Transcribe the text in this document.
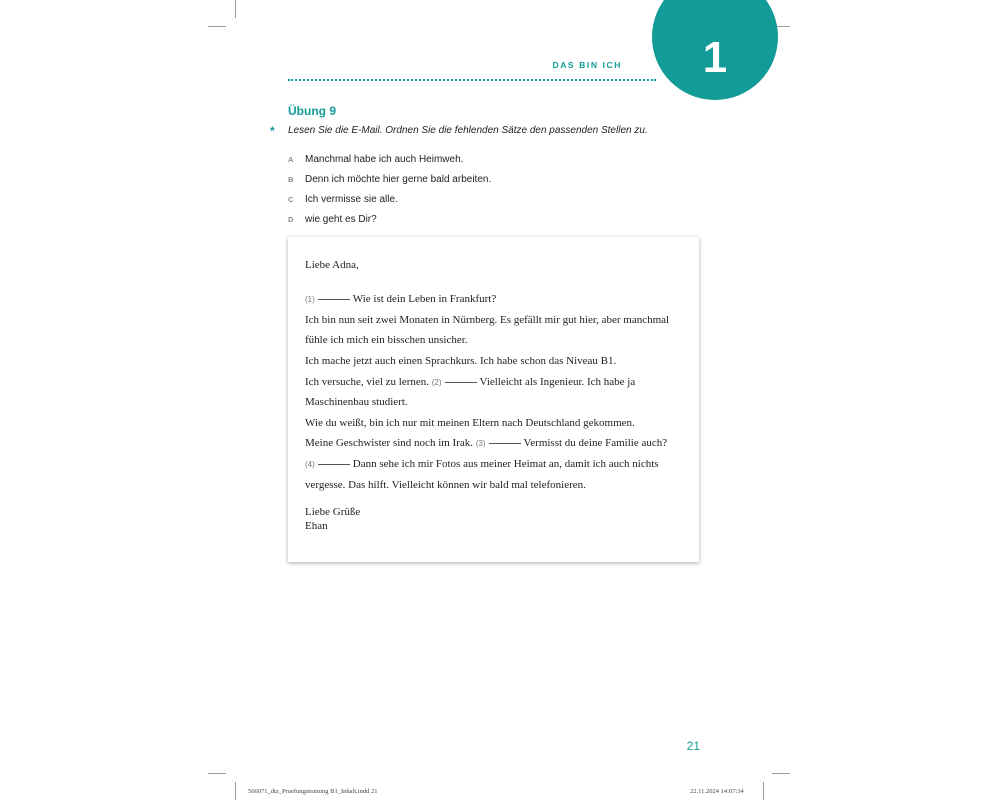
1
DAS BIN ICH
Übung 9
* Lesen Sie die E-Mail. Ordnen Sie die fehlenden Sätze den passenden Stellen zu.
A	Manchmal habe ich auch Heimweh.
B	Denn ich möchte hier gerne bald arbeiten.
C	Ich vermisse sie alle.
D	wie geht es Dir?
Liebe Adna,
(1)	Wie ist dein Leben in Frankfurt?
Ich bin nun seit zwei Monaten in Nürnberg. Es gefällt mir gut hier, aber manchmal
fühle ich mich ein bisschen unsicher.
Ich mache jetzt auch einen Sprachkurs. Ich habe schon das Niveau B1.
Ich versuche, viel zu lernen. (2)	Vielleicht als Ingenieur. Ich habe ja
Maschinenbau studiert.
Wie du weißt, bin ich nur mit meinen Eltern nach Deutschland gekommen.
Meine Geschwister sind noch im Irak. (3)	Vermisst du deine Familie auch?
(4)	Dann sehe ich mir Fotos aus meiner Heimat an, damit ich auch nichts
vergesse. Das hilft. Vielleicht können wir bald mal telefonieren.
Liebe Grüße
Ehan
21
566071_dtz_Pruefungstraining B1_Inhalt.indd 21	22.11.2024 14:07:34
